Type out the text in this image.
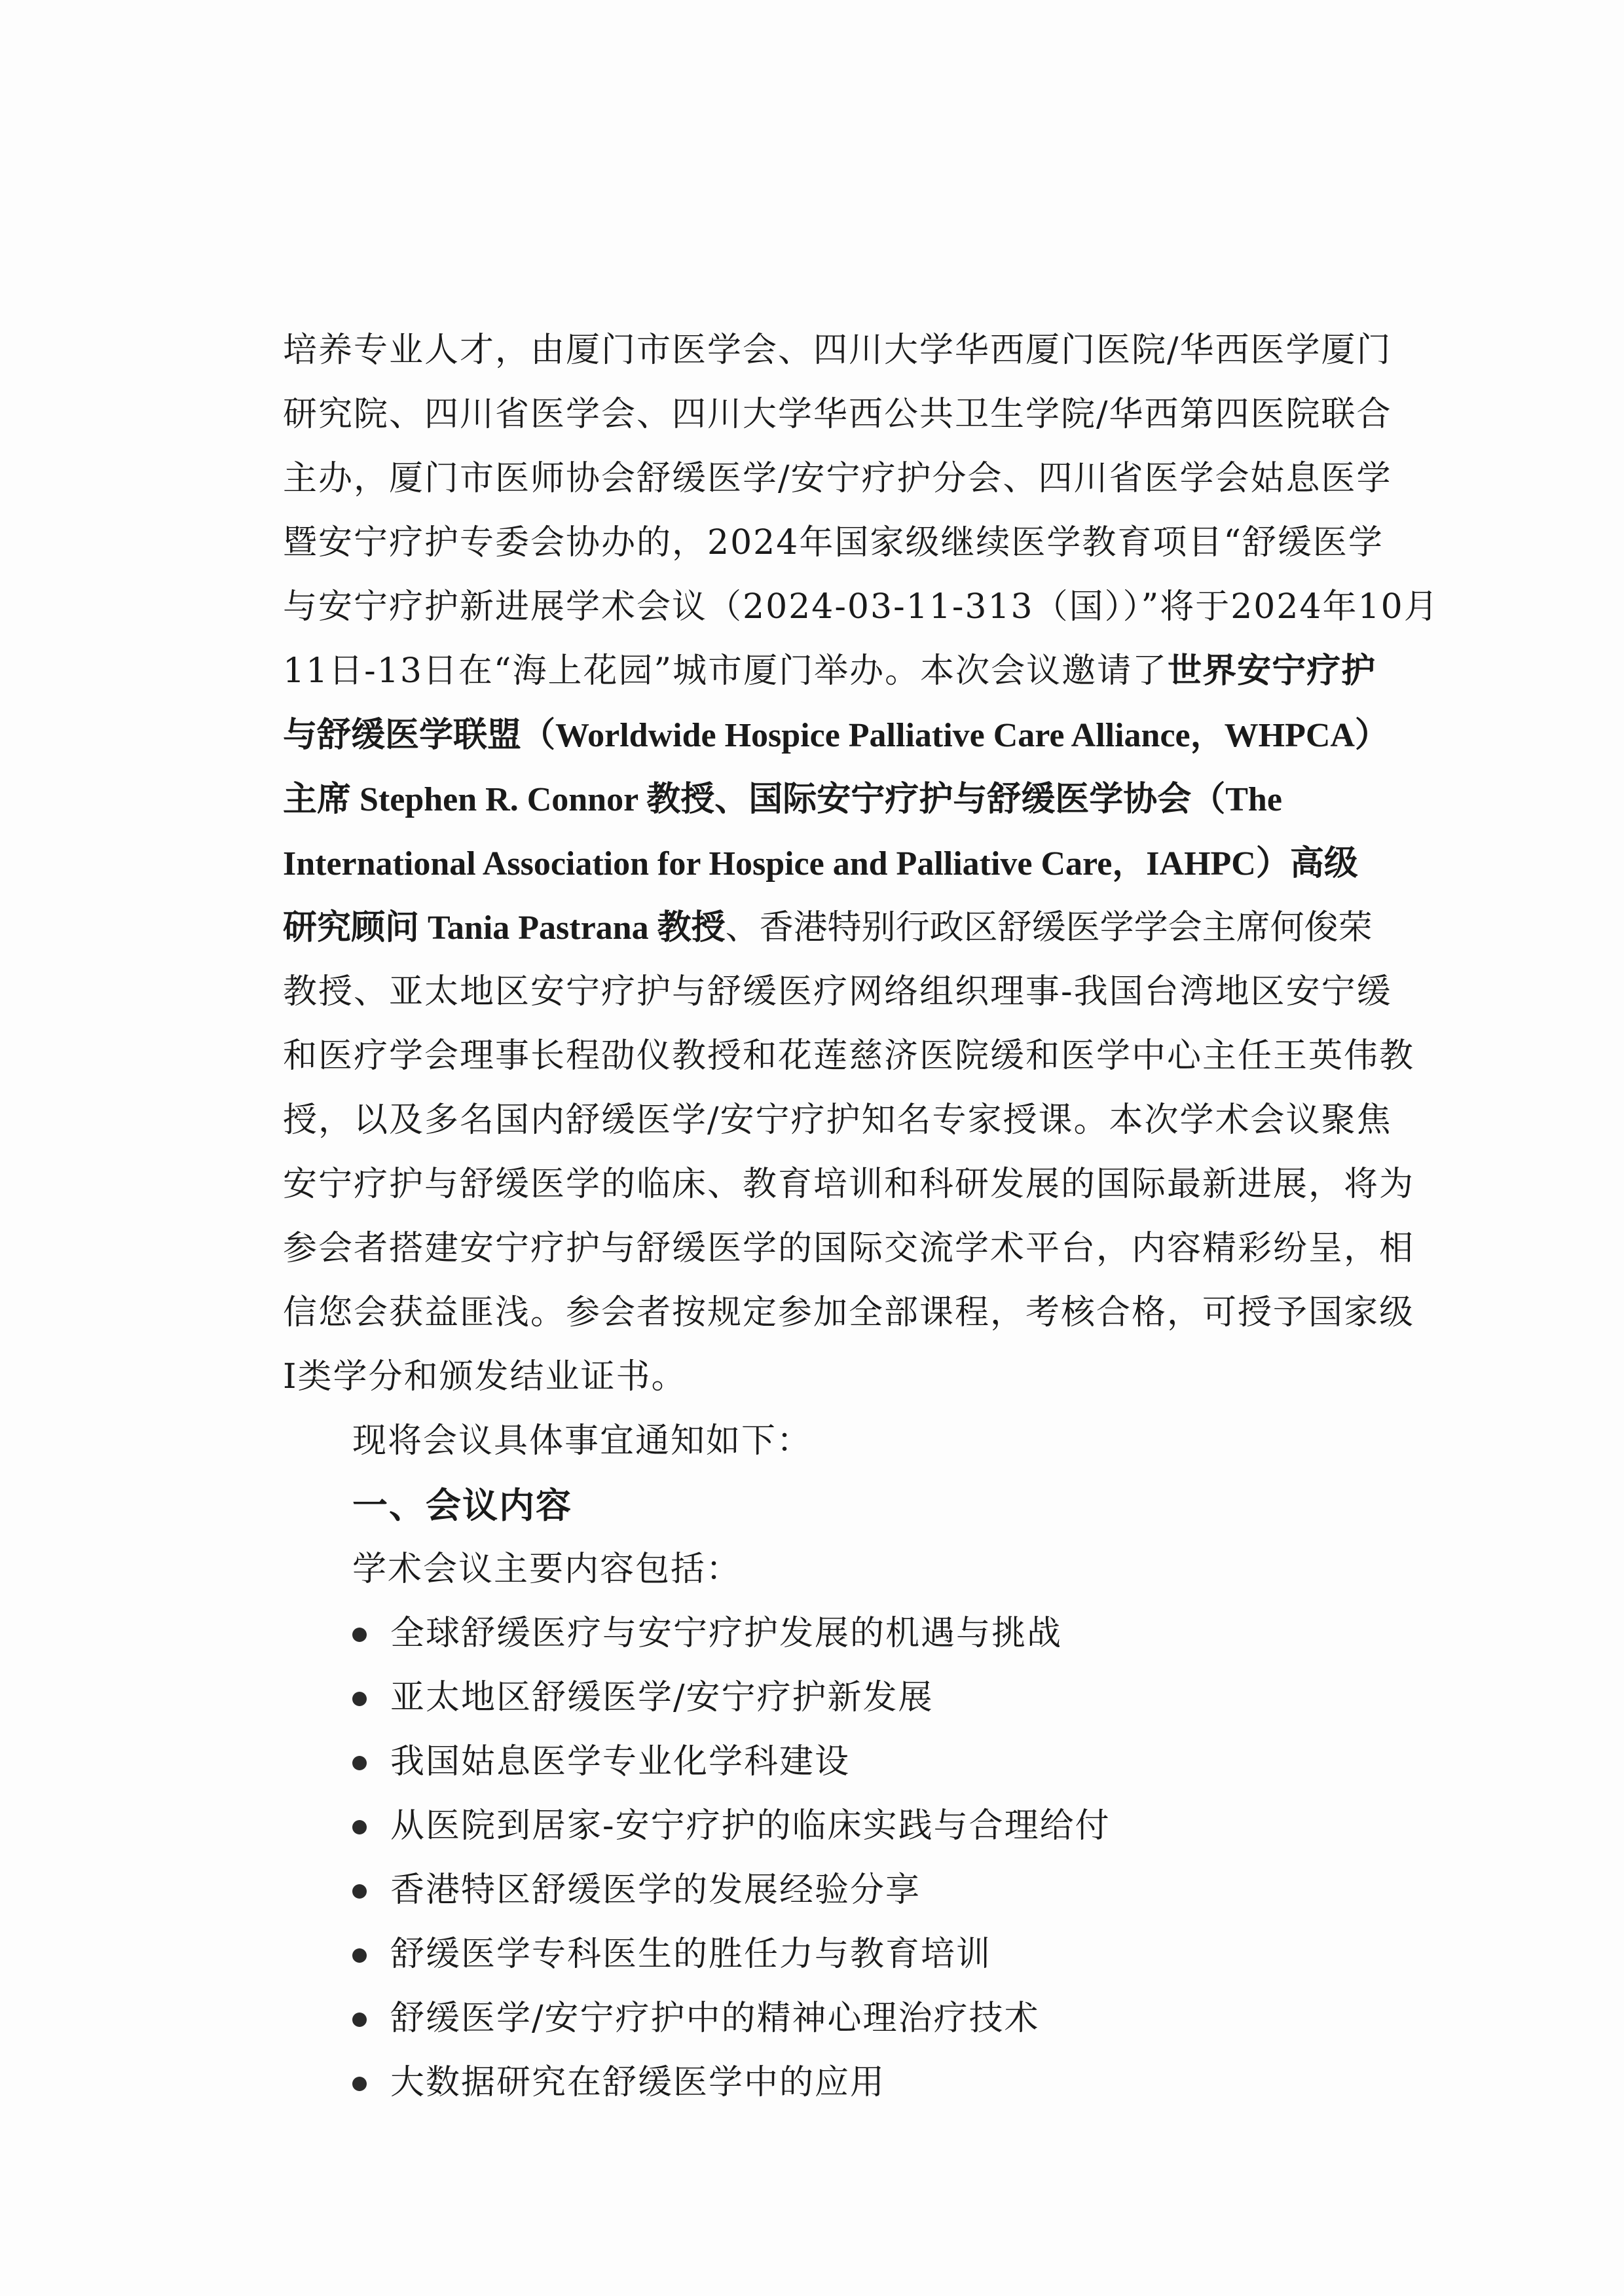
培养专业人才，由厦门市医学会、四川大学华西厦门医院/华西医学厦门
研究院、四川省医学会、四川大学华西公共卫生学院/华西第四医院联合
主办，厦门市医师协会舒缓医学/安宁疗护分会、四川省医学会姑息医学
暨安宁疗护专委会协办的，2024年国家级继续医学教育项目“舒缓医学
与安宁疗护新进展学术会议（2024-03-11-313（国））”将于2024年10月
11日-13日在“海上花园”城市厦门举办。本次会议邀请了世界安宁疗护
与舒缓医学联盟（Worldwide Hospice Palliative Care Alliance，WHPCA）
主席 Stephen R. Connor 教授、国际安宁疗护与舒缓医学协会（The
International Association for Hospice and Palliative Care，IAHPC）高级
研究顾问 Tania Pastrana 教授、香港特别行政区舒缓医学学会主席何俊荣
教授、亚太地区安宁疗护与舒缓医疗网络组织理事-我国台湾地区安宁缓
和医疗学会理事长程劭仪教授和花莲慈济医院缓和医学中心主任王英伟教
授，以及多名国内舒缓医学/安宁疗护知名专家授课。本次学术会议聚焦
安宁疗护与舒缓医学的临床、教育培训和科研发展的国际最新进展，将为
参会者搭建安宁疗护与舒缓医学的国际交流学术平台，内容精彩纷呈，相
信您会获益匪浅。参会者按规定参加全部课程，考核合格，可授予国家级
Ⅰ类学分和颁发结业证书。
现将会议具体事宜通知如下：
一、会议内容
学术会议主要内容包括：
全球舒缓医疗与安宁疗护发展的机遇与挑战
亚太地区舒缓医学/安宁疗护新发展
我国姑息医学专业化学科建设
从医院到居家-安宁疗护的临床实践与合理给付
香港特区舒缓医学的发展经验分享
舒缓医学专科医生的胜任力与教育培训
舒缓医学/安宁疗护中的精神心理治疗技术
大数据研究在舒缓医学中的应用
